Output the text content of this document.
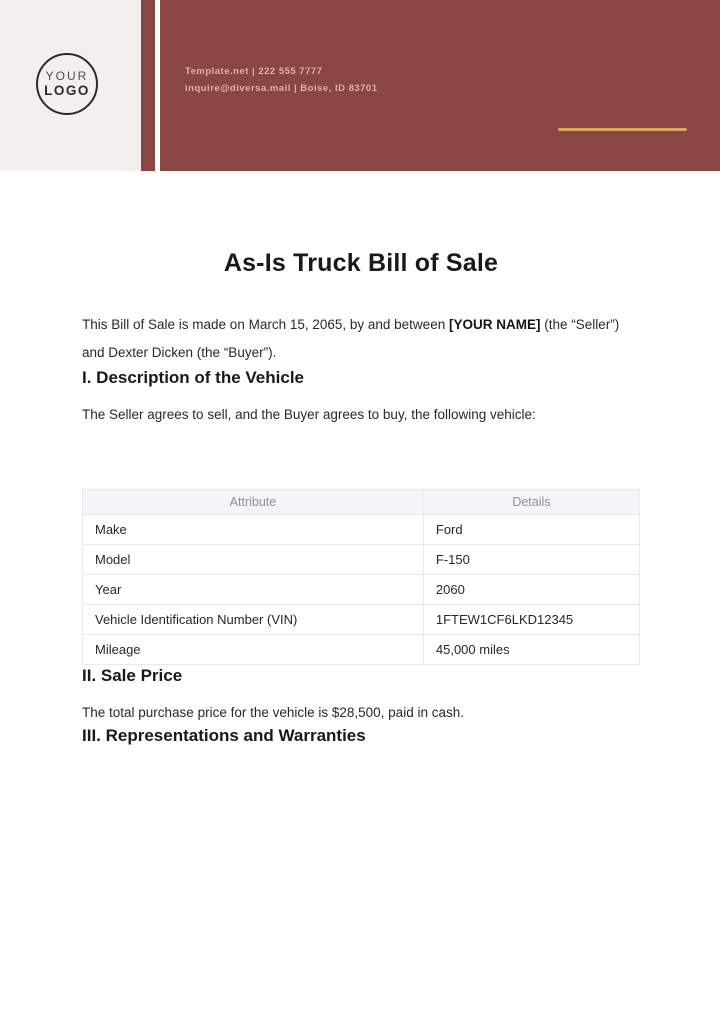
YOUR
LOGO
Template.net | 222 555 7777
inquire@diversa.mail | Boise, ID 83701
As-Is Truck Bill of Sale

This Bill of Sale is made on March 15, 2065, by and between [YOUR NAME] (the “Seller”) and Dexter Dicken (the “Buyer”).

I. Description of the Vehicle

The Seller agrees to sell, and the Buyer agrees to buy, the following vehicle:

Attribute	Details
Make	Ford
Model	F-150
Year	2060
Vehicle Identification Number (VIN)	1FTEW1CF6LKD12345
Mileage	45,000 miles
II. Sale Price

The total purchase price for the vehicle is $28,500, paid in cash.

III. Representations and Warranties
